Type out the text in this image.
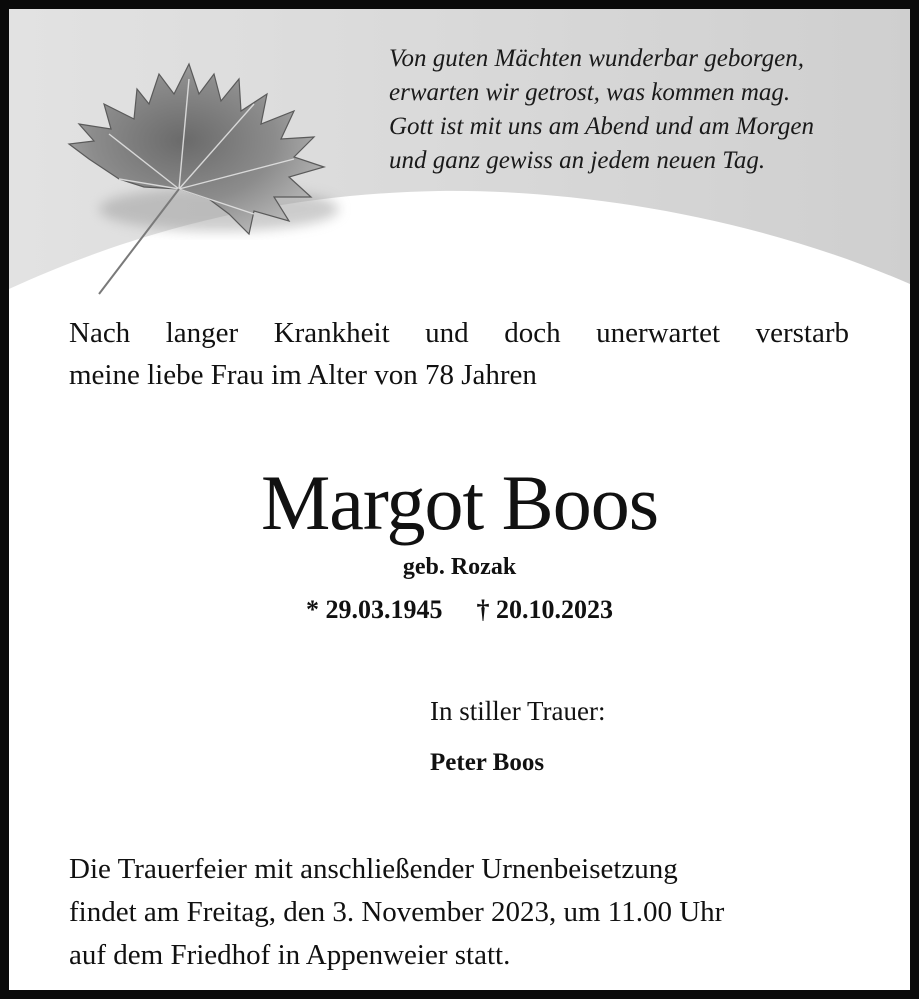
Von guten Mächten wunderbar geborgen,
erwarten wir getrost, was kommen mag.
Gott ist mit uns am Abend und am Morgen
und ganz gewiss an jedem neuen Tag.
Nach langer Krankheit und doch unerwartet verstarb
meine liebe Frau im Alter von 78 Jahren
Margot Boos
geb. Rozak
* 29.03.1945 † 20.10.2023
In stiller Trauer:
Peter Boos
Die Trauerfeier mit anschließender Urnenbeisetzung
findet am Freitag, den 3. November 2023, um 11.00 Uhr
auf dem Friedhof in Appenweier statt.
